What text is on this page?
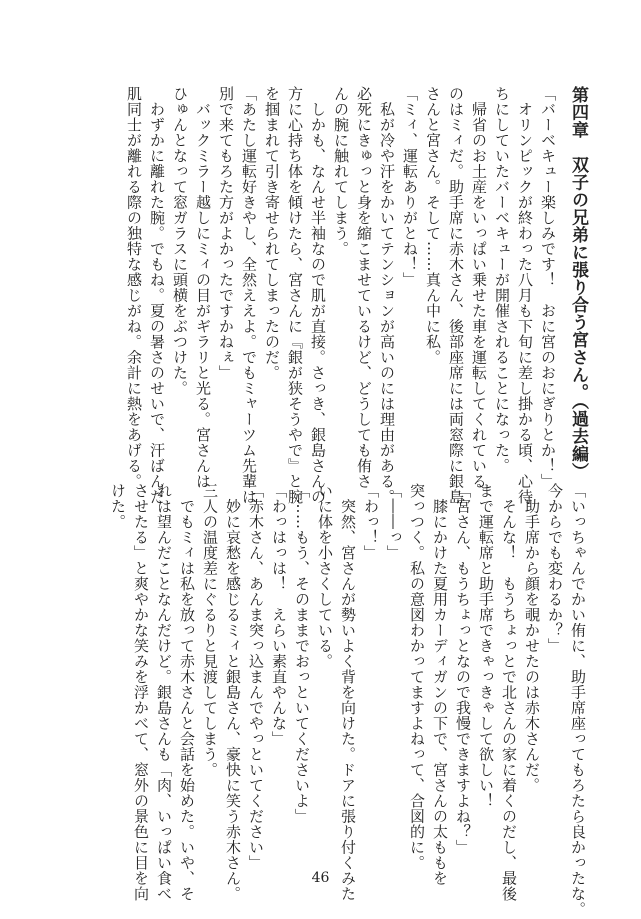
第四章　双子の兄弟に張り合う宮さん。（過去編）
「バーベキュー楽しみです！　おに宮のおにぎりとか！」
　オリンピックが終わった八月も下旬に差し掛かる頃、心待
ちにしていたバーベキューが開催されることになった。
　帰省のお土産をいっぱい乗せた車を運転してくれている
のはミィだ。助手席に赤木さん、後部座席には両窓際に銀島
さんと宮さん。そして……真ん中に私。
「ミィ、運転ありがとね！」
　私が冷や汗をかいてテンションが高いのには理由がある。
必死にきゅっと身を縮こませているけど、どうしても侑さ
んの腕に触れてしまう。
　しかも、なんせ半袖なので肌が直接。さっき、銀島さんの
方に心持ち体を傾けたら、宮さんに『銀が狭そうやで』と腕
を掴まれて引き寄せられてしまったのだ。
「あたし運転好きやし、全然ええよ。でもミャーツム先輩は
別で来てもろた方がよかったですかねぇ」
　バックミラー越しにミィの目がギラリと光る。宮さんは
ひゅんとなって窓ガラスに頭横をぶつけた。
　わずかに離れた腕。でもね。夏の暑さのせいで、汗ばんだ
肌同士が離れる際の独特な感じがね。余計に熱をあげる。
「いっちゃんでかい侑に、助手席座ってもろたら良かったな。
今からでも変わるか？」
　助手席から顔を覗かせたのは赤木さんだ。
　そんな！　もうちょっとで北さんの家に着くのだし、最後
まで運転席と助手席できゃっきゃして欲しい！
「宮さん、もうちょっとなので我慢できますよね？」
　膝にかけた夏用カーディガンの下で、宮さんの太ももを
突っつく。私の意図わかってますよねって、合図的に。
「――っ」
「わっ！」
　突然、宮さんが勢いよく背を向けた。ドアに張り付くみた
いに体を小さくしている。
「……もう、そのままでおっといてくださいよ」
「わっはっは！　えらい素直やんな」
「赤木さん、あんま突っ込まんでやっといてください」
　妙に哀愁を感じるミィと銀島さん、豪快に笑う赤木さん。
三人の温度差にぐるりと見渡してしまう。
　でもミィは私を放って赤木さんと会話を始めた。いや、そ
れは望んだことなんだけど。銀島さんも「肉、いっぱい食べ
させたる」と爽やかな笑みを浮かべて、窓外の景色に目を向
けた。
46
